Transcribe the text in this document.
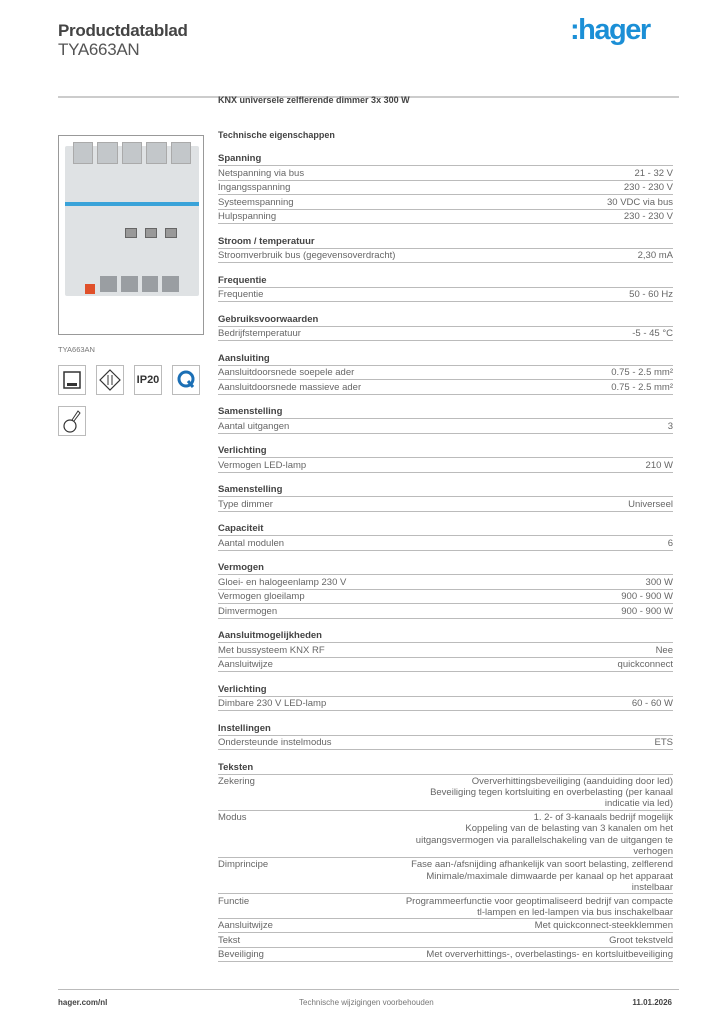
Productdatablad
TYA663AN
:hager
TYA663AN
IP20
KNX universele zelflerende dimmer 3x 300 W
Technische eigenschappen
Spanning
Netspanning via bus	21 - 32 V
Ingangsspanning	230 - 230 V
Systeemspanning	30 VDC via bus
Hulpspanning	230 - 230 V
Stroom / temperatuur
Stroomverbruik bus (gegevensoverdracht)	2,30 mA
Frequentie
Frequentie	50 - 60 Hz
Gebruiksvoorwaarden
Bedrijfstemperatuur	-5 - 45 °C
Aansluiting
Aansluitdoorsnede soepele ader	0.75 - 2.5 mm²
Aansluitdoorsnede massieve ader	0.75 - 2.5 mm²
Samenstelling
Aantal uitgangen	3
Verlichting
Vermogen LED-lamp	210 W
Samenstelling
Type dimmer	Universeel
Capaciteit
Aantal modulen	6
Vermogen
Gloei- en halogeenlamp 230 V	300 W
Vermogen gloeilamp	900 - 900 W
Dimvermogen	900 - 900 W
Aansluitmogelijkheden
Met bussysteem KNX RF	Nee
Aansluitwijze	quickconnect
Verlichting
Dimbare 230 V LED-lamp	60 - 60 W
Instellingen
Ondersteunde instelmodus	ETS
Teksten
Zekering	Oververhittingsbeveiliging (aanduiding door led)
Beveiliging tegen kortsluiting en overbelasting (per kanaal
indicatie via led)
Modus	1. 2- of 3-kanaals bedrijf mogelijk
Koppeling van de belasting van 3 kanalen om het
uitgangsvermogen via parallelschakeling van de uitgangen te
verhogen
Dimprincipe	Fase aan-/afsnijding afhankelijk van soort belasting, zelflerend
Minimale/maximale dimwaarde per kanaal op het apparaat
instelbaar
Functie	Programmeerfunctie voor geoptimaliseerd bedrijf van compacte
tl-lampen en led-lampen via bus inschakelbaar
Aansluitwijze	Met quickconnect-steekklemmen
Tekst	Groot tekstveld
Beveiliging	Met oververhittings-, overbelastings- en kortsluitbeveiliging
hager.com/nl	Technische wijzigingen voorbehouden	11.01.2026
